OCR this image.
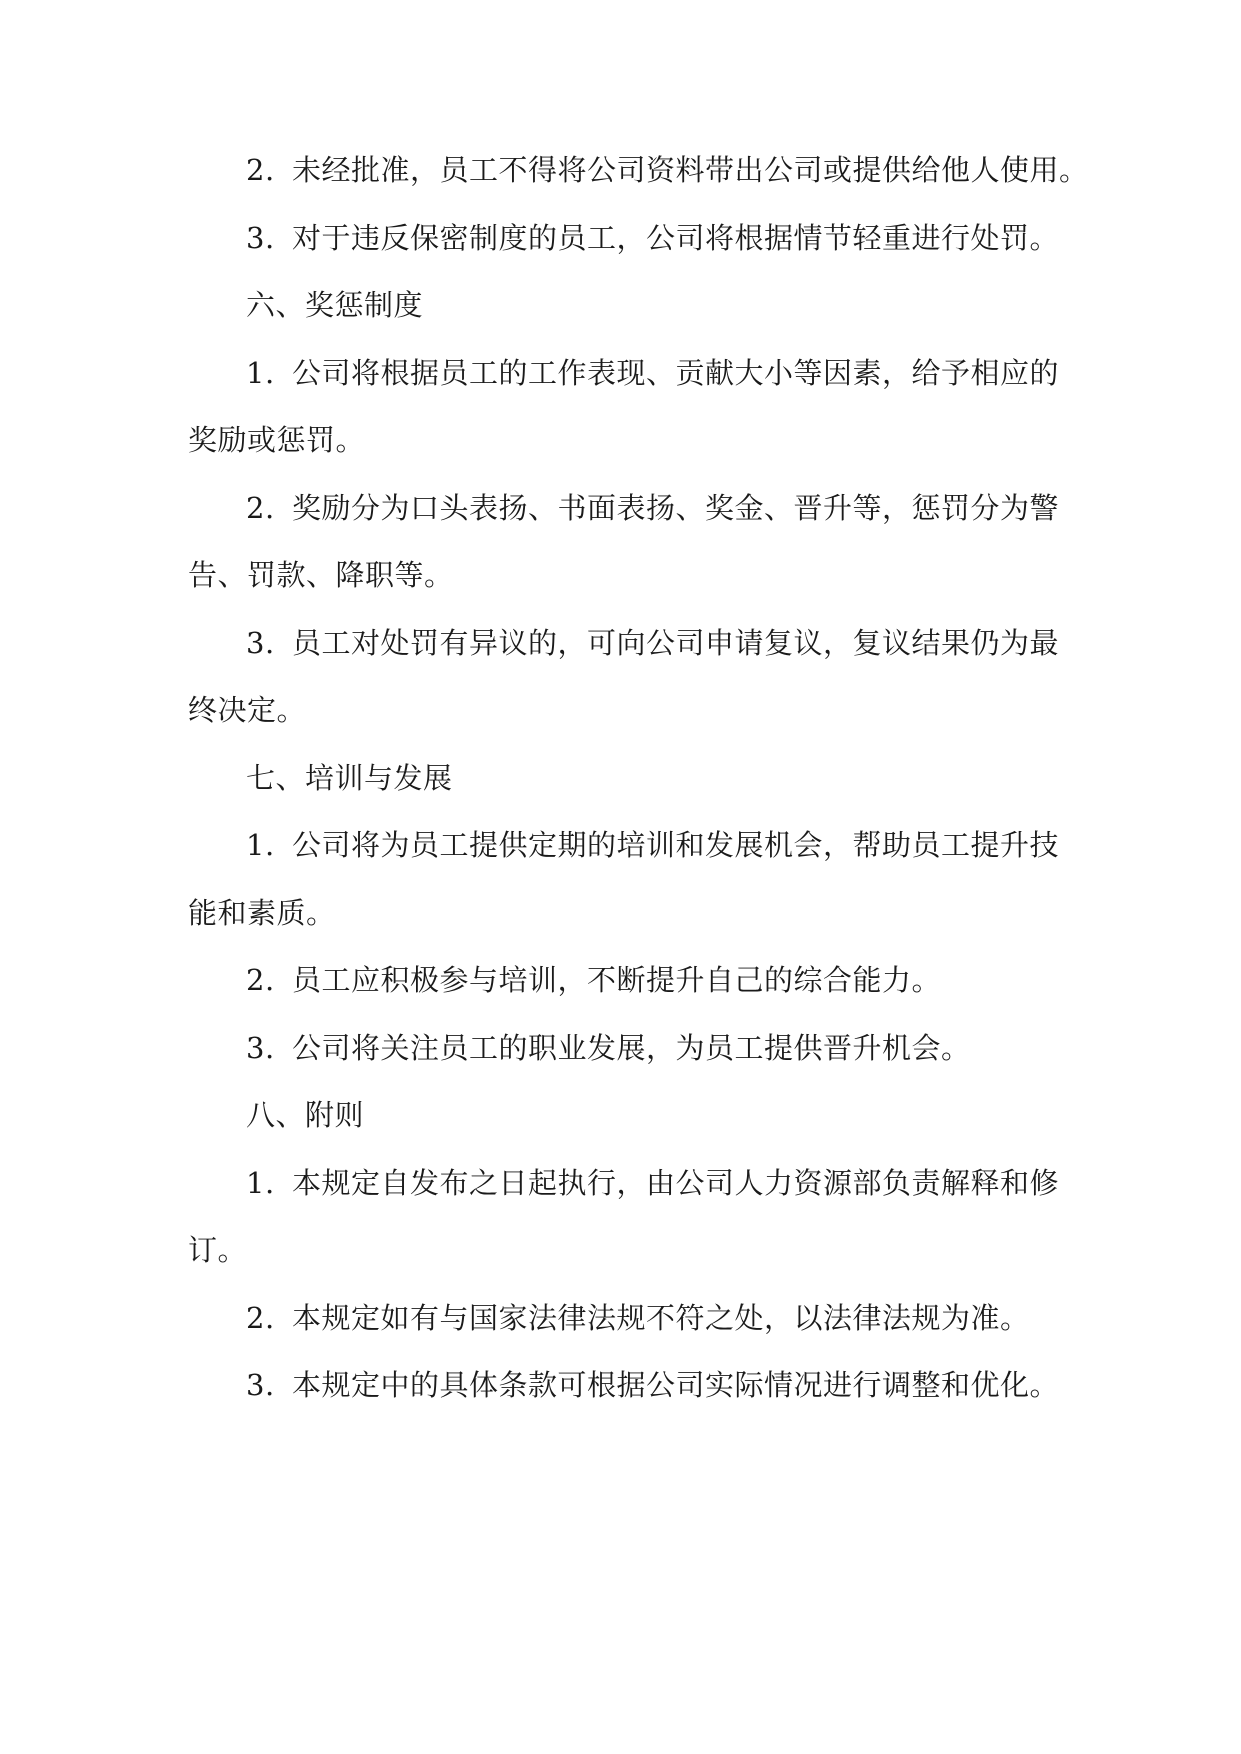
2. 未经批准，员工不得将公司资料带出公司或提供给他人使用。
3. 对于违反保密制度的员工，公司将根据情节轻重进行处罚。
六、奖惩制度
1. 公司将根据员工的工作表现、贡献大小等因素，给予相应的
奖励或惩罚。
2. 奖励分为口头表扬、书面表扬、奖金、晋升等，惩罚分为警
告、罚款、降职等。
3. 员工对处罚有异议的，可向公司申请复议，复议结果仍为最
终决定。
七、培训与发展
1. 公司将为员工提供定期的培训和发展机会，帮助员工提升技
能和素质。
2. 员工应积极参与培训，不断提升自己的综合能力。
3. 公司将关注员工的职业发展，为员工提供晋升机会。
八、附则
1. 本规定自发布之日起执行，由公司人力资源部负责解释和修
订。
2. 本规定如有与国家法律法规不符之处，以法律法规为准。
3. 本规定中的具体条款可根据公司实际情况进行调整和优化。
